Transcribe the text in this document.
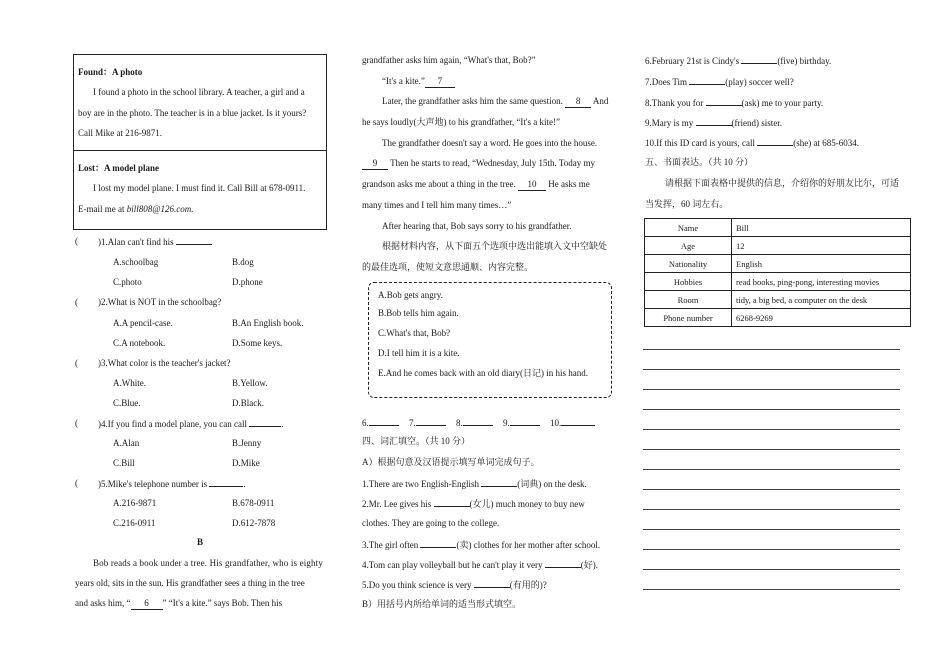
Found：A photo
I found a photo in the school library. A teacher, a girl and a
boy are in the photo. The teacher is in a blue jacket. Is it yours?
Call Mike at 216-9871.
Lost：A model plane
I lost my model plane. I must find it. Call Bill at 678-0911.
E-mail me at bill808@126.com.
( )1.Alan can't find his
A.schoolbag	B.dog
C.photo	D.phone
( )2.What is NOT in the schoolbag?
A.A pencil-case.	B.An English book.
C.A notebook.	D.Some keys.
( )3.What color is the teacher's jacket?
A.White.	B.Yellow.
C.Blue.	D.Black.
( )4.If you find a model plane, you can call	.
A.Alan	B.Jenny
C.Bill	D.Mike
( )5.Mike's telephone number is	.
A.216-9871	B.678-0911
C.216-0911	D.612-7878
B
Bob reads a book under a tree. His grandfather, who is eighty
years old, sits in the sun. His grandfather sees a thing in the tree
and asks him, “ 6 ” “It's a kite.” says Bob. Then his
grandfather asks him again, “What's that, Bob?”
“It's a kite.” 7
Later, the grandfather asks him the same question. 8 And
he says loudly(大声地) to his grandfather, “It's a kite!”
The grandfather doesn't say a word. He goes into the house.
9 Then he starts to read, “Wednesday, July 15th. Today my
grandson asks me about a thing in the tree. 10 He asks me
many times and I tell him many times…”
After hearing that, Bob says sorry to his grandfather.
根据材料内容，从下面五个选项中选出能填入文中空缺处
的最佳选项，使短文意思通顺、内容完整。
A.Bob gets angry.
B.Bob tells him again.
C.What's that, Bob?
D.I tell him it is a kite.
E.And he comes back with an old diary(日记) in his hand.
6.	7.	8.	9.	10.
四、词汇填空。（共 10 分）
A）根据句意及汉语提示填写单词完成句子。
1.There are two English-English	(词典) on the desk.
2.Mr. Lee gives his	(女儿) much money to buy new
clothes. They are going to the college.
3.The girl often	(卖) clothes for her mother after school.
4.Tom can play volleyball but he can't play it very	(好).
5.Do you think science is very	(有用的)?
B）用括号内所给单词的适当形式填空。
6.February 21st is Cindy's	(five) birthday.
7.Does Tim	(play) soccer well?
8.Thank you for	(ask) me to your party.
9.Mary is my	(friend) sister.
10.If this ID card is yours, call	(she) at 685-6034.
五、书面表达。（共 10 分）
请根据下面表格中提供的信息，介绍你的好朋友比尔，可适
当发挥，60 词左右。
Name	Bill
Age	12
Nationality	English
Hobbies	read books, ping-pong, interesting movies
Room	tidy, a big bed, a computer on the desk
Phone number	6268-9269
